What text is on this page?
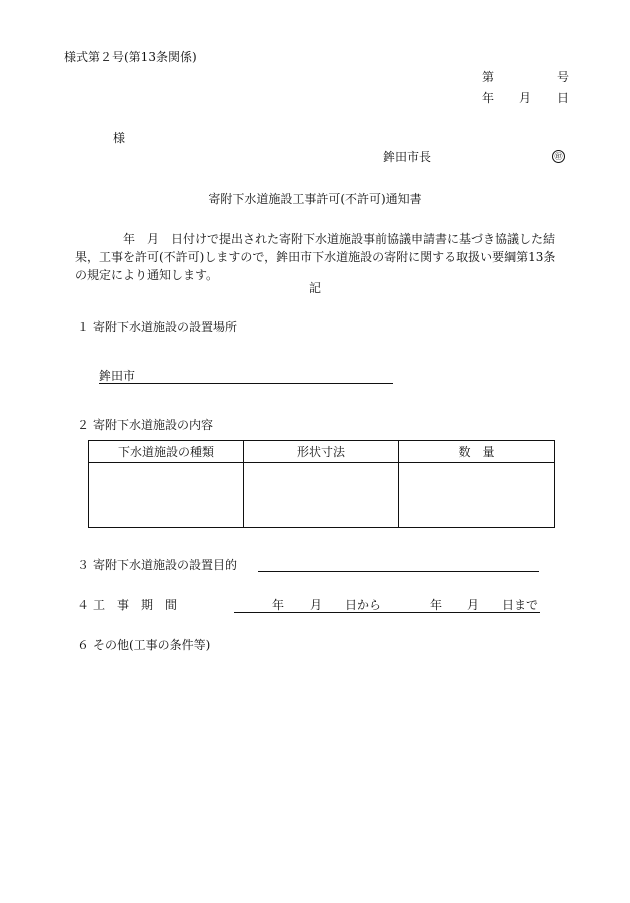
様式第２号(第13条関係)
第	号
年 月 日
様
鉾田市長	㊞
寄附下水道施設工事許可(不許可)通知書
年　月　日付けで提出された寄附下水道施設事前協議申請書に基づき協議した結
果，工事を許可(不許可)しますので，鉾田市下水道施設の寄附に関する取扱い要綱第13条
の規定により通知します。
記
１ 寄附下水道施設の設置場所
鉾田市
２ 寄附下水道施設の内容
下水道施設の種類	形状寸法	数　量

３ 寄附下水道施設の設置目的
４ 工　事　期　間	年 月 日から	年 月 日まで
６ その他(工事の条件等)
